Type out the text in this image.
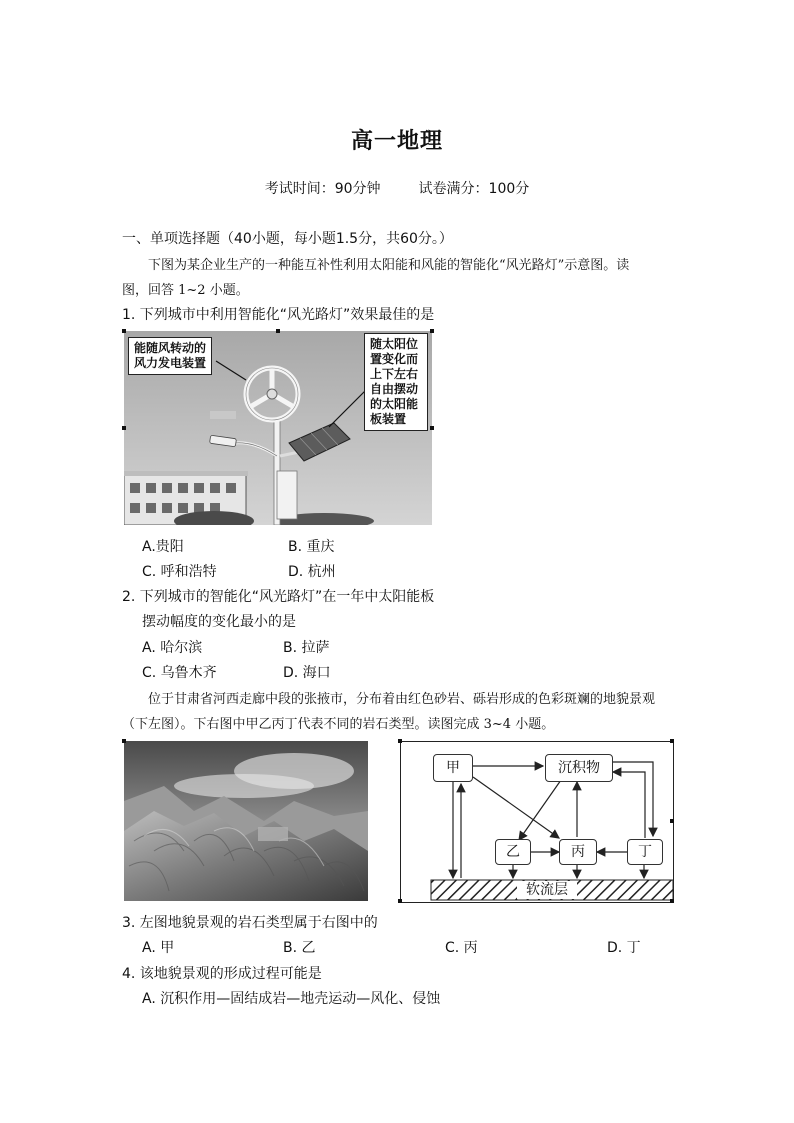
高一地理
考试时间：90分钟	试卷满分：100分
一、单项选择题（40小题，每小题1.5分，共60分。）
下图为某企业生产的一种能互补性利用太阳能和风能的智能化“风光路灯”示意图。读
图，回答 1~2 小题。
1. 下列城市中利用智能化“风光路灯”效果最佳的是
能随风转动的
风力发电装置
随太阳位
置变化而
上下左右
自由摆动
的太阳能
板装置
A.贵阳	B. 重庆
C. 呼和浩特	D. 杭州
2. 下列城市的智能化“风光路灯”在一年中太阳能板
摆动幅度的变化最小的是
A. 哈尔滨	B. 拉萨
C. 乌鲁木齐	D. 海口
位于甘肃省河西走廊中段的张掖市，分布着由红色砂岩、砾岩形成的色彩斑斓的地貌景观
（下左图）。下右图中甲乙丙丁代表不同的岩石类型。读图完成 3~4 小题。
甲	沉积物
乙	丙	丁
软流层
3. 左图地貌景观的岩石类型属于右图中的
A. 甲	B. 乙	C. 丙	D. 丁
4. 该地貌景观的形成过程可能是
A. 沉积作用—固结成岩—地壳运动—风化、侵蚀
